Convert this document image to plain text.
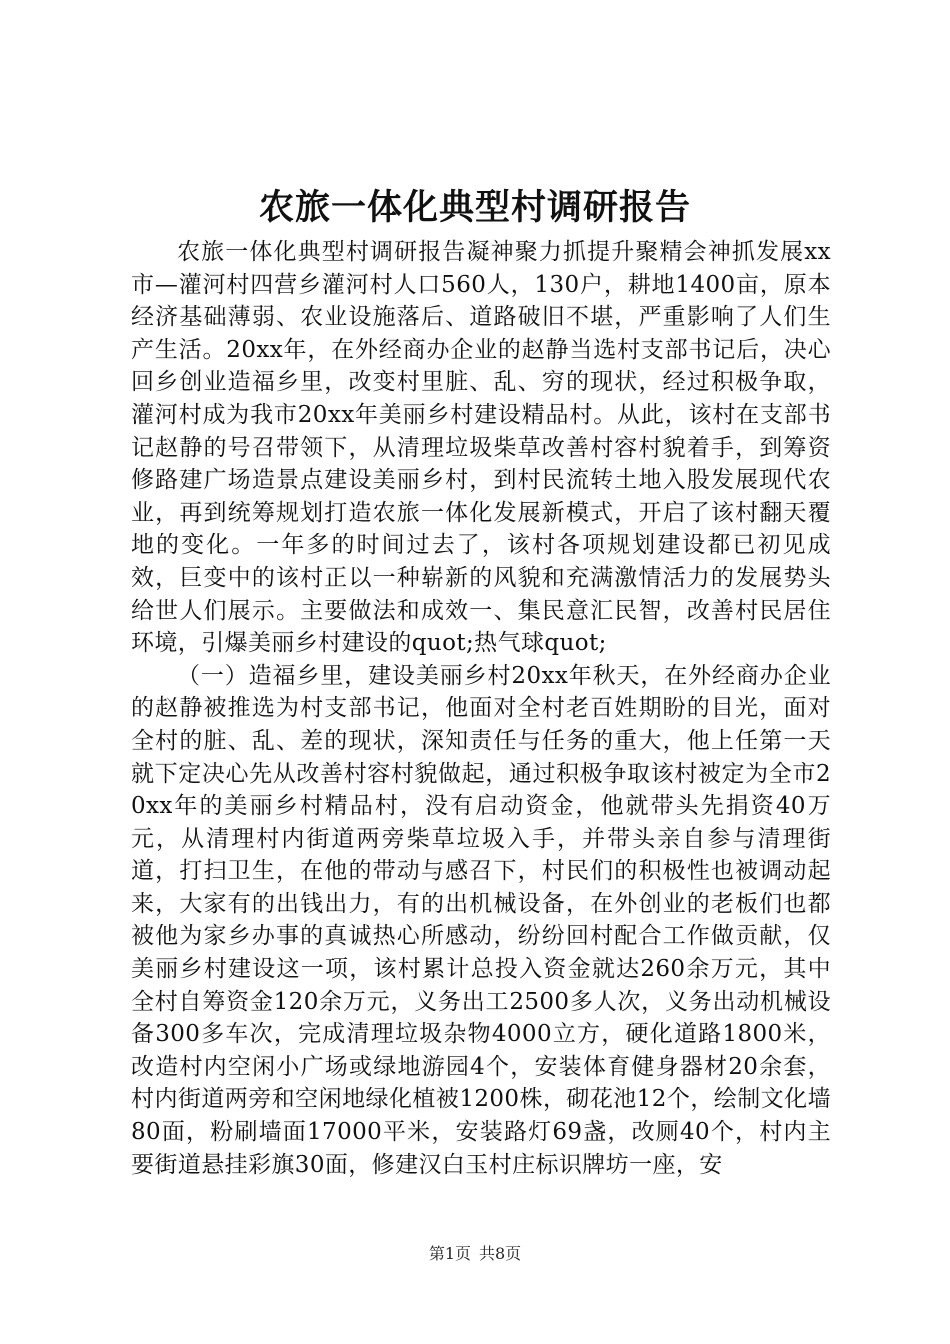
农旅一体化典型村调研报告

农旅一体化典型村调研报告凝神聚力抓提升聚精会神抓发展xx市—灌河村四营乡灌河村人口560人，130户，耕地1400亩，原本经济基础薄弱、农业设施落后、道路破旧不堪，严重影响了人们生产生活。20xx年，在外经商办企业的赵静当选村支部书记后，决心回乡创业造福乡里，改变村里脏、乱、穷的现状，经过积极争取，灌河村成为我市20xx年美丽乡村建设精品村。从此，该村在支部书记赵静的号召带领下，从清理垃圾柴草改善村容村貌着手，到筹资修路建广场造景点建设美丽乡村，到村民流转土地入股发展现代农业，再到统筹规划打造农旅一体化发展新模式，开启了该村翻天覆地的变化。一年多的时间过去了，该村各项规划建设都已初见成效，巨变中的该村正以一种崭新的风貌和充满激情活力的发展势头给世人们展示。主要做法和成效一、集民意汇民智，改善村民居住环境，引爆美丽乡村建设的quot;热气球quot;

（一）造福乡里，建设美丽乡村20xx年秋天，在外经商办企业的赵静被推选为村支部书记，他面对全村老百姓期盼的目光，面对全村的脏、乱、差的现状，深知责任与任务的重大，他上任第一天就下定决心先从改善村容村貌做起，通过积极争取该村被定为全市20xx年的美丽乡村精品村，没有启动资金，他就带头先捐资40万元，从清理村内街道两旁柴草垃圾入手，并带头亲自参与清理街道，打扫卫生，在他的带动与感召下，村民们的积极性也被调动起来，大家有的出钱出力，有的出机械设备，在外创业的老板们也都被他为家乡办事的真诚热心所感动，纷纷回村配合工作做贡献，仅美丽乡村建设这一项，该村累计总投入资金就达260余万元，其中全村自筹资金120余万元，义务出工2500多人次，义务出动机械设备300多车次，完成清理垃圾杂物4000立方，硬化道路1800米，改造村内空闲小广场或绿地游园4个，安装体育健身器材20余套，村内街道两旁和空闲地绿化植被1200株，砌花池12个，绘制文化墙80面，粉刷墙面17000平米，安装路灯69盏，改厕40个，村内主要街道悬挂彩旗30面，修建汉白玉村庄标识牌坊一座，安

第1页 共8页
